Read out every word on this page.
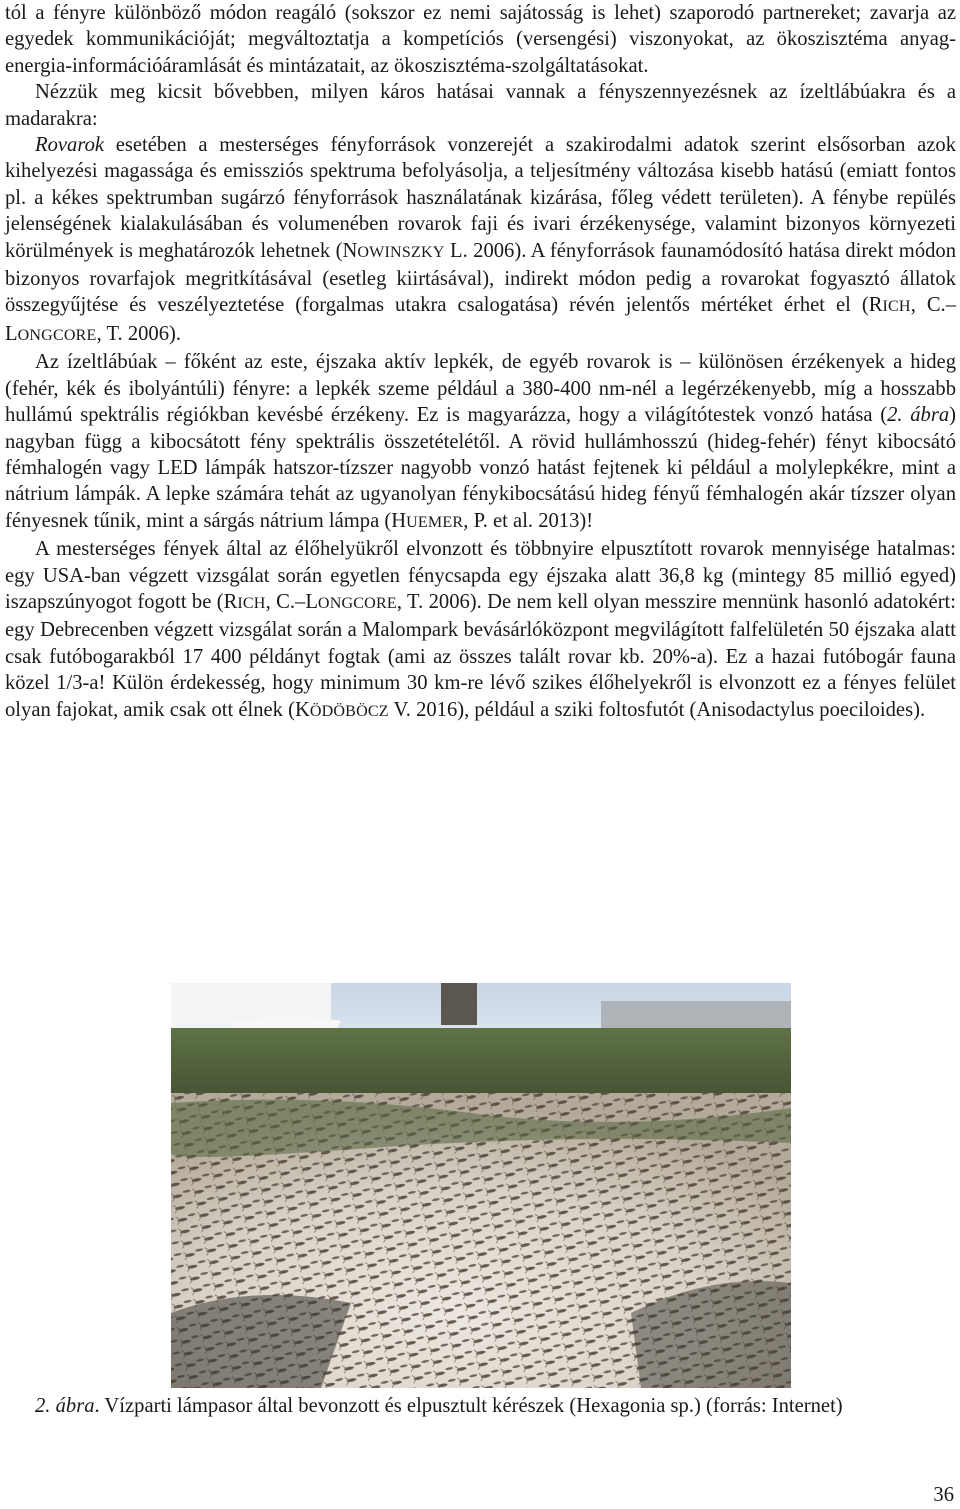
tól a fényre különböző módon reagáló (sokszor ez nemi sajátosság is lehet) szaporodó partnereket; zavarja az egyedek kommunikációját; megváltoztatja a kompetíciós (versengési) viszonyokat, az ökoszisztéma anyag-energia-információáramlását és mintázatait, az ökoszisztéma-szolgáltatásokat.

Nézzük meg kicsit bővebben, milyen káros hatásai vannak a fényszennyezésnek az ízeltlábúakra és a madarakra:

Rovarok esetében a mesterséges fényforrások vonzerejét a szakirodalmi adatok szerint elsősorban azok kihelyezési magassága és emissziós spektruma befolyásolja, a teljesítmény változása kisebb hatású (emiatt fontos pl. a kékes spektrumban sugárzó fényforrások használatának kizárása, főleg védett területen). A fénybe repülés jelenségének kialakulásában és volumenében rovarok faji és ivari érzékenysége, valamint bizonyos környezeti körülmények is meghatározók lehetnek (NOWINSZKY L. 2006). A fényforrások faunamódosító hatása direkt módon bizonyos rovarfajok megritkításával (esetleg kiirtásával), indirekt módon pedig a rovarokat fogyasztó állatok összegyűjtése és veszélyeztetése (forgalmas utakra csalogatása) révén jelentős mértéket érhet el (RICH, C.–LONGCORE, T. 2006).

Az ízeltlábúak – főként az este, éjszaka aktív lepkék, de egyéb rovarok is – különösen érzékenyek a hideg (fehér, kék és ibolyántúli) fényre: a lepkék szeme például a 380-400 nm-nél a legérzékenyebb, míg a hosszabb hullámú spektrális régiókban kevésbé érzékeny. Ez is magyarázza, hogy a világítótestek vonzó hatása (2. ábra) nagyban függ a kibocsátott fény spektrális összetételétől. A rövid hullámhosszú (hideg-fehér) fényt kibocsátó fémhalogén vagy LED lámpák hatszor-tízszer nagyobb vonzó hatást fejtenek ki például a molylepkékre, mint a nátrium lámpák. A lepke számára tehát az ugyanolyan fénykibocsátású hideg fényű fémhalogén akár tízszer olyan fényesnek tűnik, mint a sárgás nátrium lámpa (HUEMER, P. et al. 2013)!

A mesterséges fények által az élőhelyükről elvonzott és többnyire elpusztított rovarok mennyisége hatalmas: egy USA-ban végzett vizsgálat során egyetlen fénycsapda egy éjszaka alatt 36,8 kg (mintegy 85 millió egyed) iszapszúnyogot fogott be (RICH, C.–LONGCORE, T. 2006). De nem kell olyan messzire mennünk hasonló adatokért: egy Debrecenben végzett vizsgálat során a Malompark bevásárlóközpont megvilágított falfelületén 50 éjszaka alatt csak futóbogarakból 17 400 példányt fogtak (ami az összes talált rovar kb. 20%-a). Ez a hazai futóbogár fauna közel 1/3-a! Külön érdekesség, hogy minimum 30 km-re lévő szikes élőhelyekről is elvonzott ez a fényes felület olyan fajokat, amik csak ott élnek (KÖDÖBÖCZ V. 2016), például a sziki foltosfutót (Anisodactylus poeciloides).

2. ábra. Vízparti lámpasor által bevonzott és elpusztult kérészek (Hexagonia sp.) (forrás: Internet)
36
